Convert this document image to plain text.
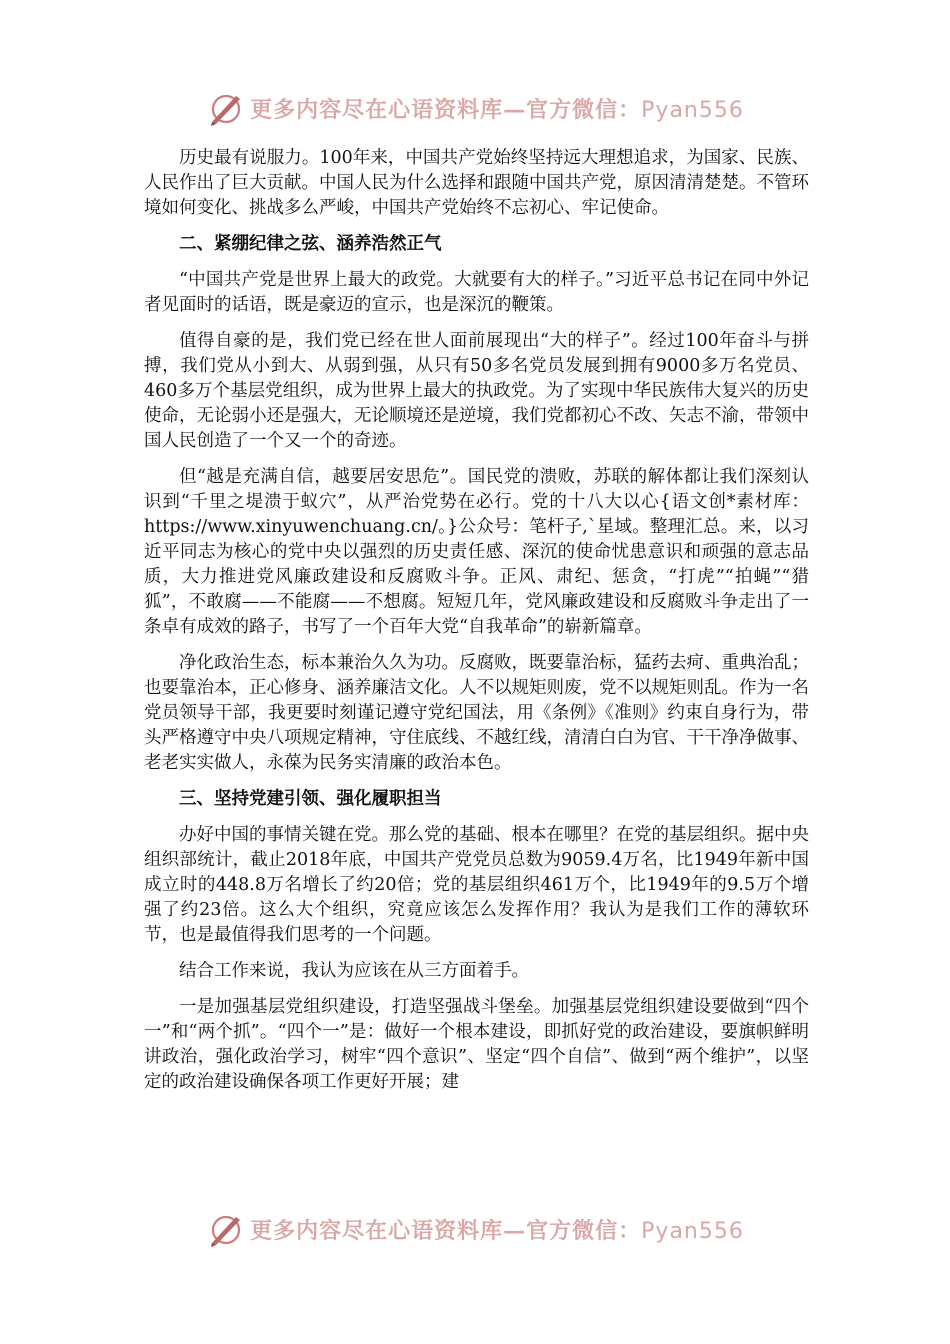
更多内容尽在心语资料库—官方微信：Pyan556

历史最有说服力。100年来，中国共产党始终坚持远大理想追求，为国家、民族、人民作出了巨大贡献。中国人民为什么选择和跟随中国共产党，原因清清楚楚。不管环境如何变化、挑战多么严峻，中国共产党始终不忘初心、牢记使命。

二、紧绷纪律之弦、涵养浩然正气

“中国共产党是世界上最大的政党。大就要有大的样子。”习近平总书记在同中外记者见面时的话语，既是豪迈的宣示，也是深沉的鞭策。

值得自豪的是，我们党已经在世人面前展现出“大的样子”。经过100年奋斗与拼搏，我们党从小到大、从弱到强，从只有50多名党员发展到拥有9000多万名党员、460多万个基层党组织，成为世界上最大的执政党。为了实现中华民族伟大复兴的历史使命，无论弱小还是强大，无论顺境还是逆境，我们党都初心不改、矢志不渝，带领中国人民创造了一个又一个的奇迹。

但“越是充满自信，越要居安思危”。国民党的溃败，苏联的解体都让我们深刻认识到“千里之堤溃于蚁穴”，从严治党势在必行。党的十八大以心{语文创*素材库：https://www.xinyuwenchuang.cn/。}公众号：笔杆子,`星域。整理汇总。来，以习近平同志为核心的党中央以强烈的历史责任感、深沉的使命忧患意识和顽强的意志品质，大力推进党风廉政建设和反腐败斗争。正风、肃纪、惩贪，“打虎”“拍蝇”“猎狐”，不敢腐——不能腐——不想腐。短短几年，党风廉政建设和反腐败斗争走出了一条卓有成效的路子，书写了一个百年大党“自我革命”的崭新篇章。

净化政治生态，标本兼治久久为功。反腐败，既要靠治标，猛药去疴、重典治乱；也要靠治本，正心修身、涵养廉洁文化。人不以规矩则废，党不以规矩则乱。作为一名党员领导干部，我更要时刻谨记遵守党纪国法，用《条例》《准则》约束自身行为，带头严格遵守中央八项规定精神，守住底线、不越红线，清清白白为官、干干净净做事、老老实实做人，永葆为民务实清廉的政治本色。

三、坚持党建引领、强化履职担当

办好中国的事情关键在党。那么党的基础、根本在哪里？在党的基层组织。据中央组织部统计，截止2018年底，中国共产党党员总数为9059.4万名，比1949年新中国成立时的448.8万名增长了约20倍；党的基层组织461万个，比1949年的9.5万个增强了约23倍。这么大个组织，究竟应该怎么发挥作用？我认为是我们工作的薄软环节，也是最值得我们思考的一个问题。

结合工作来说，我认为应该在从三方面着手。

一是加强基层党组织建设，打造坚强战斗堡垒。加强基层党组织建设要做到“四个一”和“两个抓”。“四个一”是：做好一个根本建设，即抓好党的政治建设，要旗帜鲜明讲政治，强化政治学习，树牢“四个意识”、坚定“四个自信”、做到“两个维护”，以坚定的政治建设确保各项工作更好开展；建

更多内容尽在心语资料库—官方微信：Pyan556
